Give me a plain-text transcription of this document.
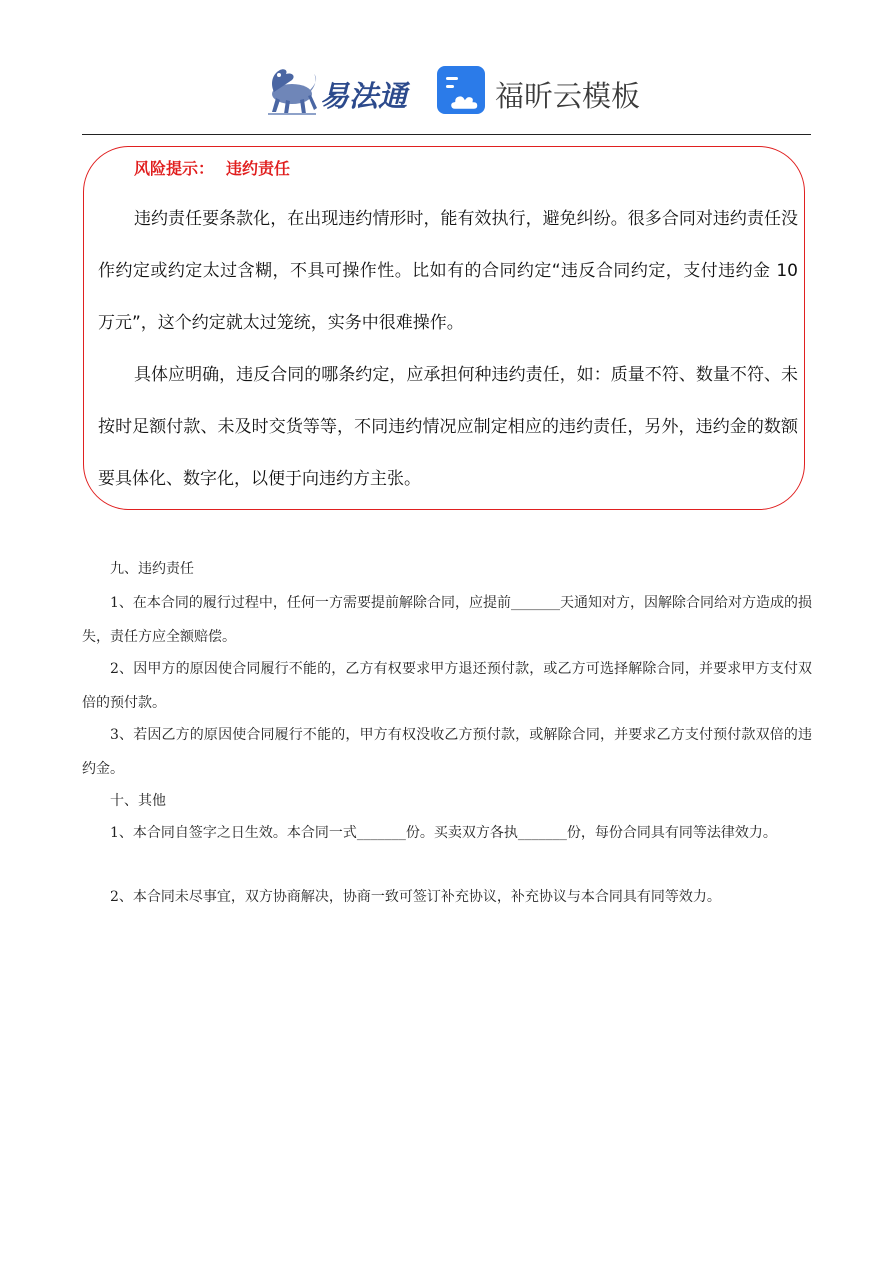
易法通	福昕云模板
风险提示： 违约责任

违约责任要条款化，在出现违约情形时，能有效执行，避免纠纷。很多合同对违约责任没作约定或约定太过含糊，不具可操作性。比如有的合同约定“违反合同约定，支付违约金 10 万元”，这个约定就太过笼统，实务中很难操作。

具体应明确，违反合同的哪条约定，应承担何种违约责任，如：质量不符、数量不符、未按时足额付款、未及时交货等等，不同违约情况应制定相应的违约责任，另外，违约金的数额要具体化、数字化，以便于向违约方主张。

九、违约责任

1、在本合同的履行过程中，任何一方需要提前解除合同，应提前_______天通知对方，因解除合同给对方造成的损失，责任方应全额赔偿。

2、因甲方的原因使合同履行不能的，乙方有权要求甲方退还预付款，或乙方可选择解除合同，并要求甲方支付双倍的预付款。

3、若因乙方的原因使合同履行不能的，甲方有权没收乙方预付款，或解除合同，并要求乙方支付预付款双倍的违约金。

十、其他

1、本合同自签字之日生效。本合同一式_______份。买卖双方各执_______份，每份合同具有同等法律效力。

2、本合同未尽事宜，双方协商解决，协商一致可签订补充协议，补充协议与本合同具有同等效力。
